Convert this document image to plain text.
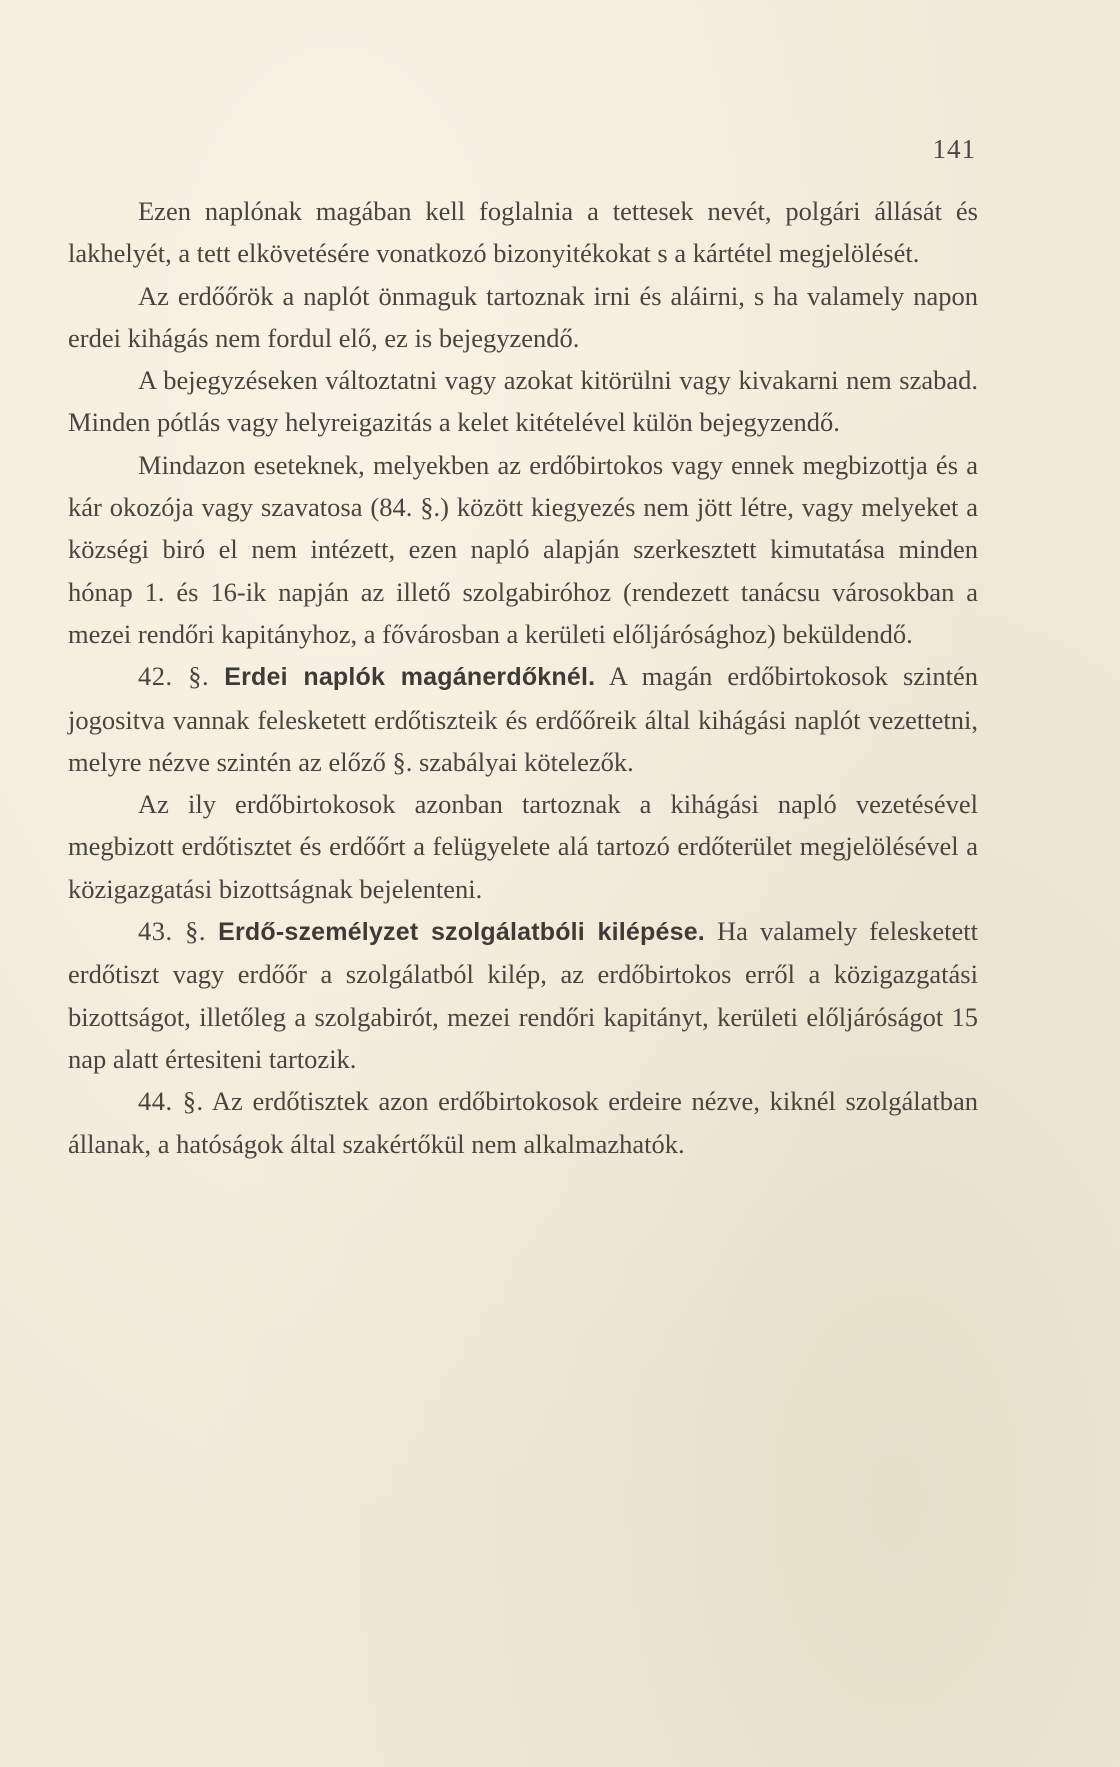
141

Ezen naplónak magában kell foglalnia a tettesek nevét, polgári állását és lakhelyét, a tett elkövetésére vonatkozó bizonyitékokat s a kártétel megjelölését.

Az erdőőrök a naplót önmaguk tartoznak irni és aláirni, s ha valamely napon erdei kihágás nem fordul elő, ez is bejegyzendő.

A bejegyzéseken változtatni vagy azokat kitörülni vagy kivakarni nem szabad. Minden pótlás vagy helyreigazitás a kelet kitételével külön bejegyzendő.

Mindazon eseteknek, melyekben az erdőbirtokos vagy ennek megbizottja és a kár okozója vagy szavatosa (84. §.) között kiegyezés nem jött létre, vagy melyeket a községi biró el nem intézett, ezen napló alapján szerkesztett kimutatása minden hónap 1. és 16-ik napján az illető szolgabiróhoz (rendezett tanácsu városokban a mezei rendőri kapitányhoz, a fővárosban a kerületi előljárósághoz) beküldendő.

42. §. Erdei naplók magánerdőknél. A magán erdőbirtokosok szintén jogositva vannak felesketett erdőtiszteik és erdőőreik által kihágási naplót vezettetni, melyre nézve szintén az előző §. szabályai kötelezők.

Az ily erdőbirtokosok azonban tartoznak a kihágási napló vezetésével megbizott erdőtisztet és erdőőrt a felügyelete alá tartozó erdőterület megjelölésével a közigazgatási bizottságnak bejelenteni.

43. §. Erdő-személyzet szolgálatbóli kilépése. Ha valamely felesketett erdőtiszt vagy erdőőr a szolgálatból kilép, az erdőbirtokos erről a közigazgatási bizottságot, illetőleg a szolgabirót, mezei rendőri kapitányt, kerületi előljáróságot 15 nap alatt értesiteni tartozik.

44. §. Az erdőtisztek azon erdőbirtokosok erdeire nézve, kiknél szolgálatban állanak, a hatóságok által szakértőkül nem alkalmazhatók.
